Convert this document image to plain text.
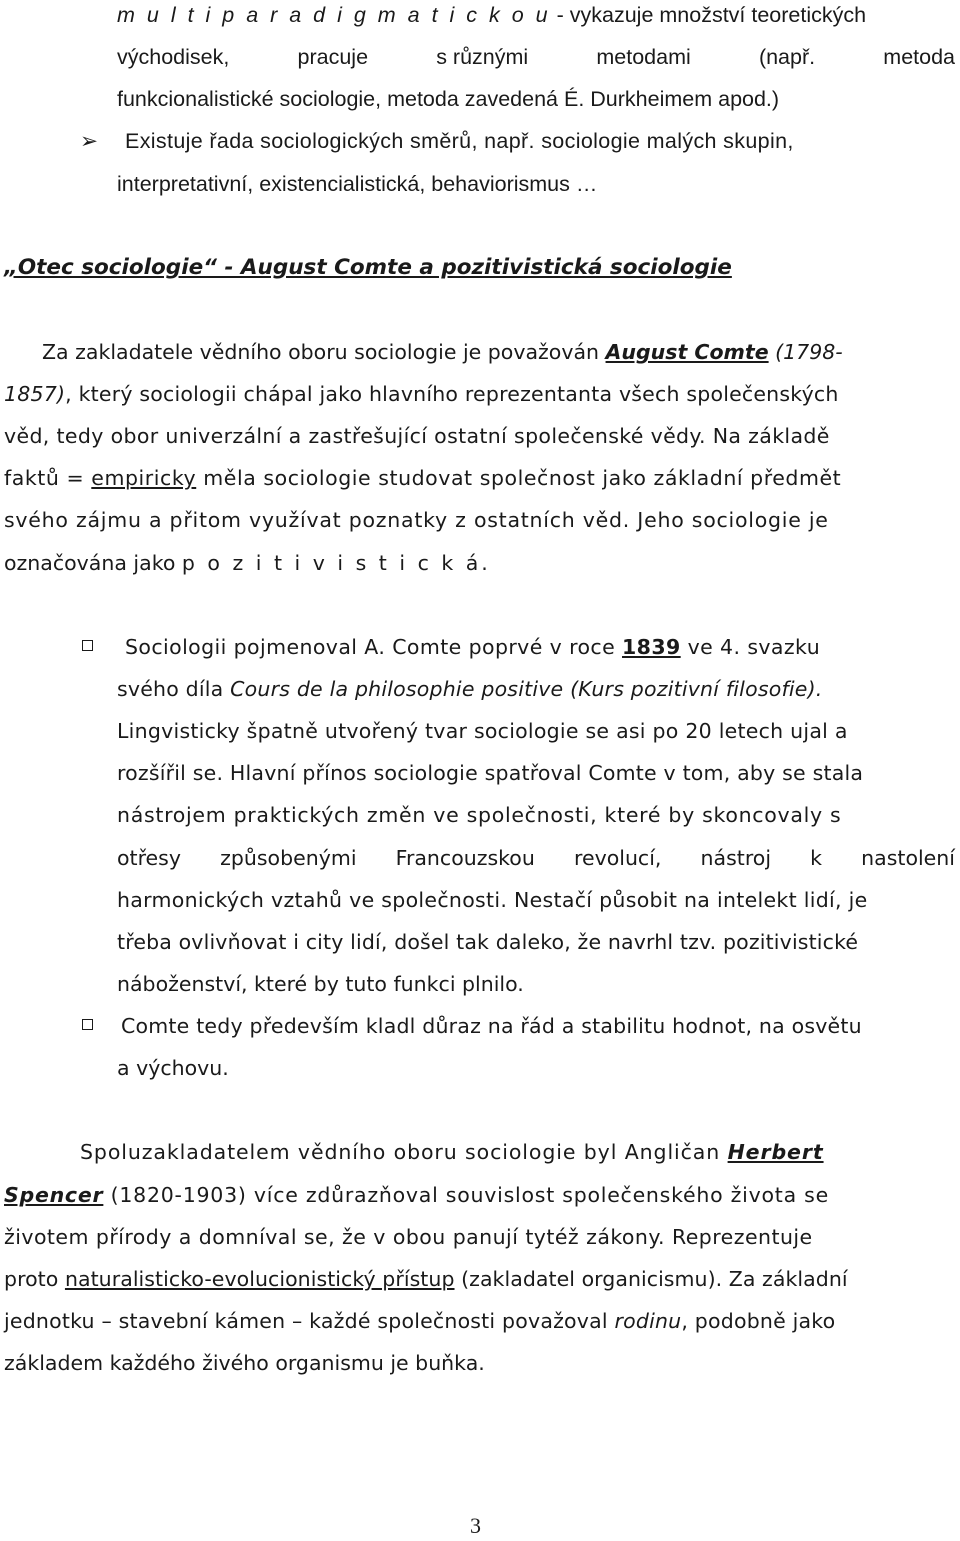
m u l t i p a r a d i g m a t i c k o u - vykazuje množství teoretických
východisek,	pracuje	s různými	metodami	(např.	metoda
funkcionalistické sociologie, metoda zavedená É. Durkheimem apod.)
➢ Existuje řada sociologických směrů, např. sociologie malých skupin,
interpretativní, existencialistická, behaviorismus …
„Otec sociologie“ - August Comte a pozitivistická sociologie
Za zakladatele vědního oboru sociologie je považován August Comte (1798-
1857), který sociologii chápal jako hlavního reprezentanta všech společenských
věd, tedy obor univerzální a zastřešující ostatní společenské vědy. Na základě
faktů = empiricky měla sociologie studovat společnost jako základní předmět
svého zájmu a přitom využívat poznatky z ostatních věd. Jeho sociologie je
označována jako p o z i t i v i s t i c k á.
Sociologii pojmenoval A. Comte poprvé v roce 1839 ve 4. svazku
svého díla Cours de la philosophie positive (Kurs pozitivní filosofie).
Lingvisticky špatně utvořený tvar sociologie se asi po 20 letech ujal a
rozšířil se. Hlavní přínos sociologie spatřoval Comte v tom, aby se stala
nástrojem praktických změn ve společnosti, které by skoncovaly s
otřesy způsobenými Francouzskou revolucí, nástroj k nastolení
harmonických vztahů ve společnosti. Nestačí působit na intelekt lidí, je
třeba ovlivňovat i city lidí, došel tak daleko, že navrhl tzv. pozitivistické
náboženství, které by tuto funkci plnilo.
Comte tedy především kladl důraz na řád a stabilitu hodnot, na osvětu
a výchovu.
Spoluzakladatelem vědního oboru sociologie byl Angličan Herbert
Spencer (1820-1903) více zdůrazňoval souvislost společenského života se
životem přírody a domníval se, že v obou panují tytéž zákony. Reprezentuje
proto naturalisticko-evolucionistický přístup (zakladatel organicismu). Za základní
jednotku – stavební kámen – každé společnosti považoval rodinu, podobně jako
základem každého živého organismu je buňka.
3
